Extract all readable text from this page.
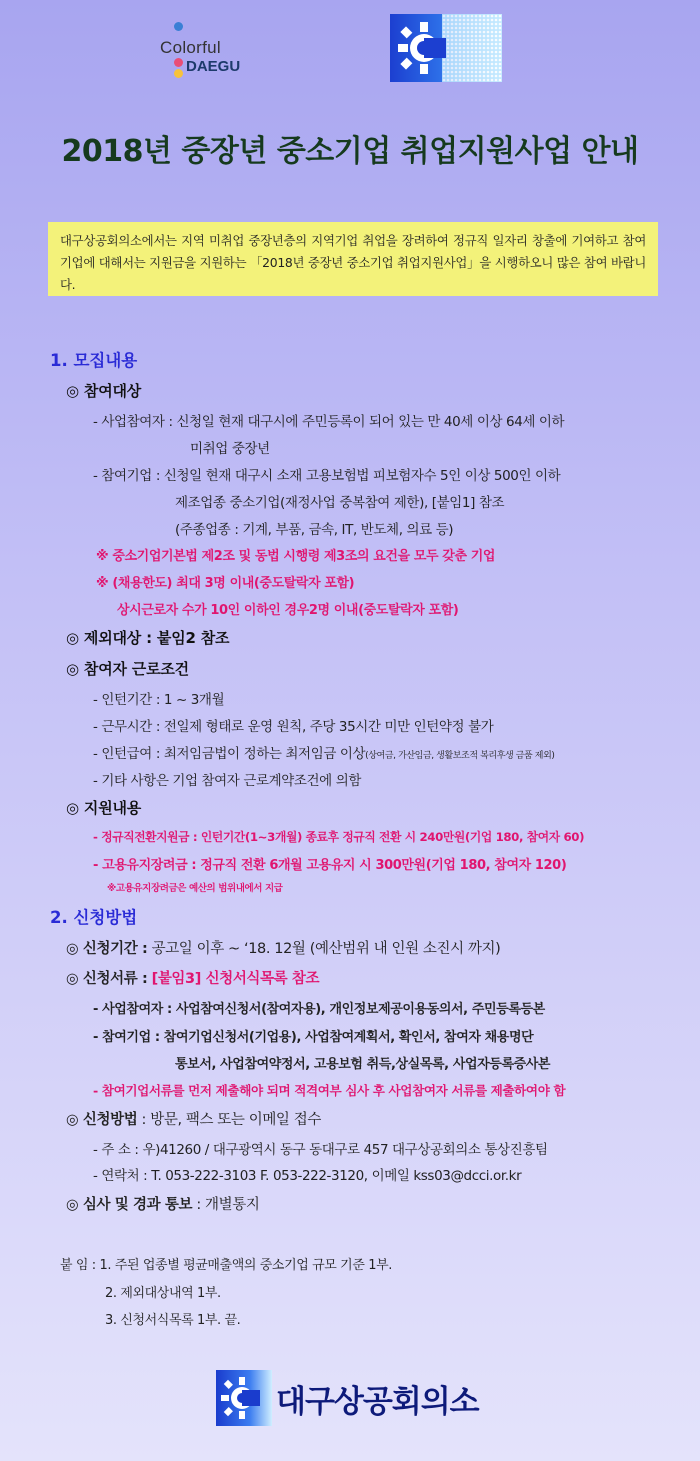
Colorful
DAEGU
2018년 중장년 중소기업 취업지원사업 안내
대구상공회의소에서는 지역 미취업 중장년층의 지역기업 취업을 장려하여 정규직 일자리 창출에 기여하고 참여기업에 대해서는 지원금을 지원하는 「2018년 중장년 중소기업 취업지원사업」을 시행하오니 많은 참여 바랍니다.
1. 모집내용
◎ 참여대상
- 사업참여자 : 신청일 현재 대구시에 주민등록이 되어 있는 만 40세 이상 64세 이하
미취업 중장년
- 참여기업 : 신청일 현재 대구시 소재 고용보험법 피보험자수 5인 이상 500인 이하
제조업종 중소기업(재정사업 중복참여 제한), [붙임1] 참조
(주종업종 : 기계, 부품, 금속, IT, 반도체, 의료 등)
※ 중소기업기본법 제2조 및 동법 시행령 제3조의 요건을 모두 갖춘 기업
※ (채용한도) 최대 3명 이내(중도탈락자 포함)
상시근로자 수가 10인 이하인 경우2명 이내(중도탈락자 포함)
◎ 제외대상 : 붙임2 참조
◎ 참여자 근로조건
- 인턴기간 : 1 ~ 3개월
- 근무시간 : 전일제 형태로 운영 원칙, 주당 35시간 미만 인턴약정 불가
- 인턴급여 : 최저임금법이 정하는 최저임금 이상(상여금, 가산임금, 생활보조적 복리후생 금품 제외)
- 기타 사항은 기업 참여자 근로계약조건에 의함
◎ 지원내용
- 정규직전환지원금 : 인턴기간(1~3개월) 종료후 정규직 전환 시 240만원(기업 180, 참여자 60)
- 고용유지장려금 : 정규직 전환 6개월 고용유지 시 300만원(기업 180, 참여자 120)
※고용유지장려금은 예산의 범위내에서 지급
2. 신청방법
◎ 신청기간 : 공고일 이후 ~ ‘18. 12월 (예산범위 내 인원 소진시 까지)
◎ 신청서류 : [붙임3] 신청서식목록 참조
- 사업참여자 : 사업참여신청서(참여자용), 개인정보제공이용동의서, 주민등록등본
- 참여기업 : 참여기업신청서(기업용), 사업참여계획서, 확인서, 참여자 채용명단
통보서, 사업참여약정서, 고용보험 취득,상실목록, 사업자등록증사본
- 참여기업서류를 먼저 제출해야 되며 적격여부 심사 후 사업참여자 서류를 제출하여야 함
◎ 신청방법 : 방문, 팩스 또는 이메일 접수
- 주 소 : 우)41260 / 대구광역시 동구 동대구로 457 대구상공회의소 통상진흥팀
- 연락처 : T. 053-222-3103 F. 053-222-3120, 이메일 kss03@dcci.or.kr
◎ 심사 및 경과 통보 : 개별통지
붙 임 : 1. 주된 업종별 평균매출액의 중소기업 규모 기준 1부.
2. 제외대상내역 1부.
3. 신청서식목록 1부. 끝.
대구상공회의소
